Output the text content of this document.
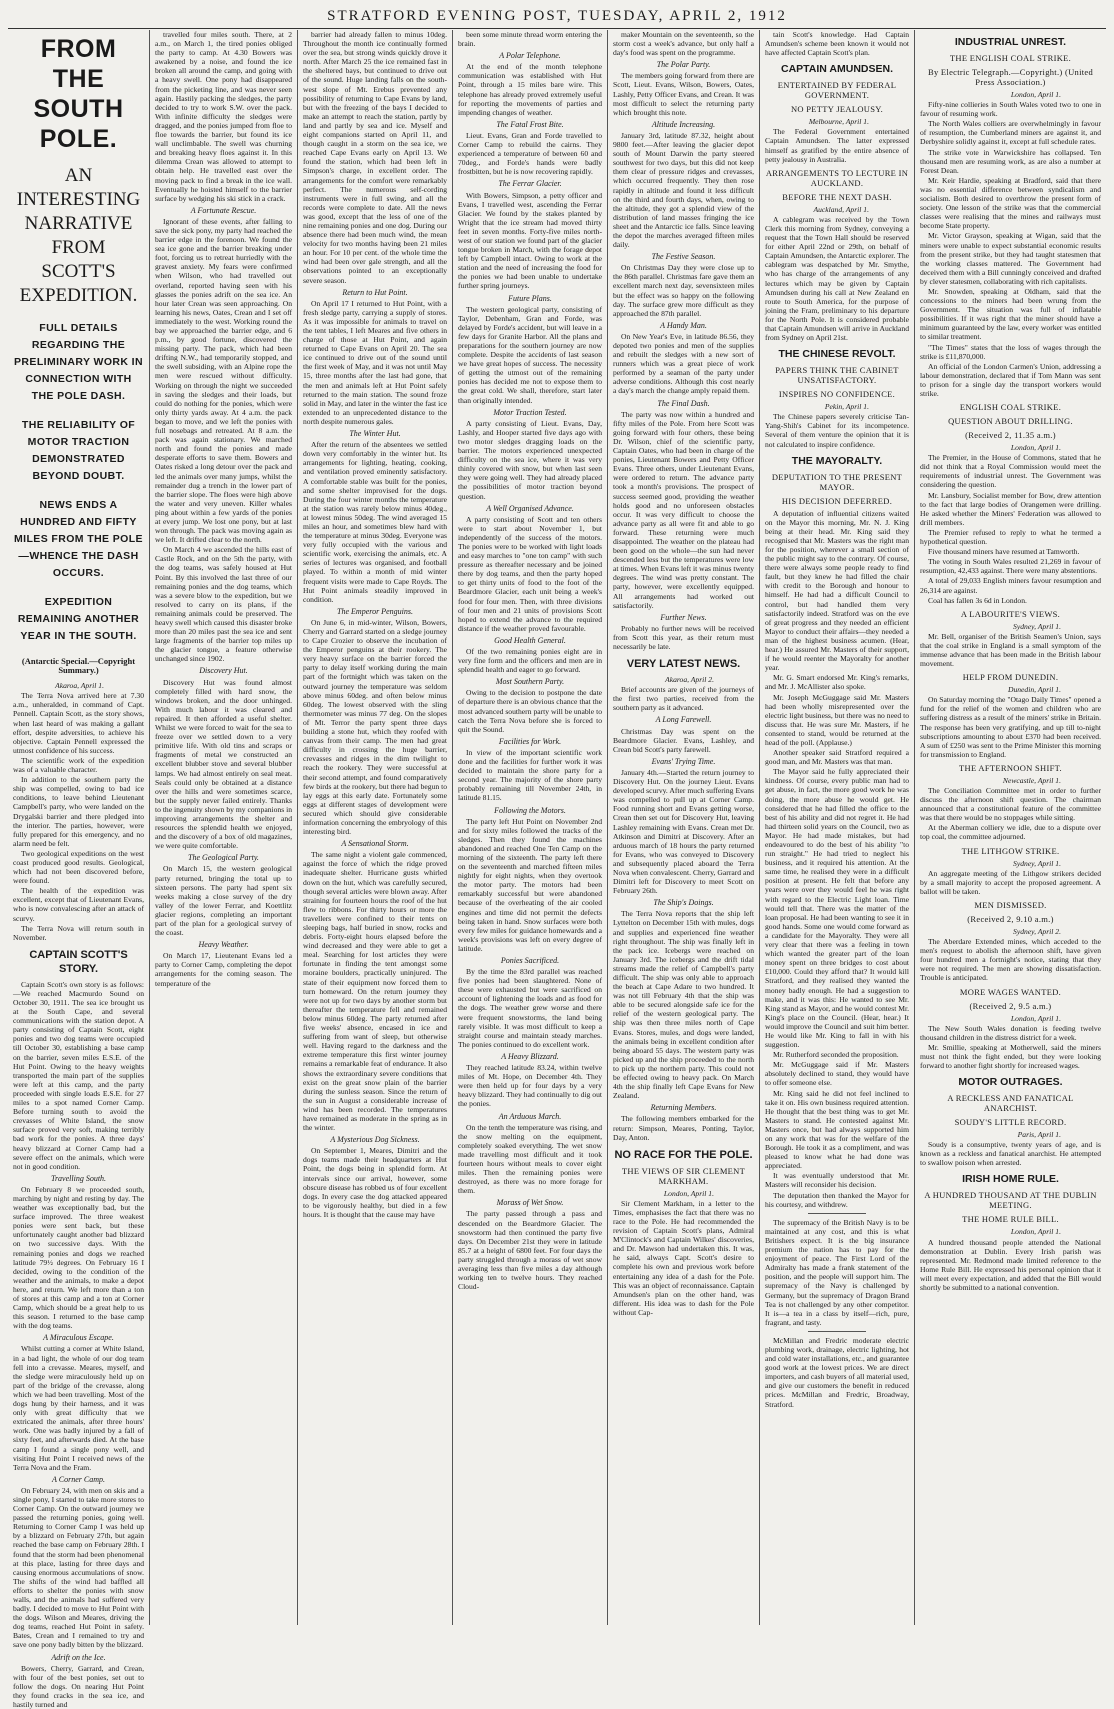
STRATFORD EVENING POST, TUESDAY, APRIL 2, 1912
FROM THE SOUTH POLE.
AN INTERESTING NARRATIVE FROM SCOTT'S EXPEDITION.
FULL DETAILS REGARDING THE PRELIMINARY WORK IN CONNECTION WITH THE POLE DASH.
THE RELIABILITY OF MOTOR TRACTION DEMONSTRATED BEYOND DOUBT.
NEWS ENDS A HUNDRED AND FIFTY MILES FROM THE POLE—WHENCE THE DASH OCCURS.
EXPEDITION REMAINING ANOTHER YEAR IN THE SOUTH.
(Antarctic Special.—Copyright Summary.)

Akaroa, April 1.

The Terra Nova arrived here at 7.30 a.m., unheralded, in command of Capt. Pennell. Captain Scott, as the story shows, when last heard of was making a gallant effort, despite adversities, to achieve his objective. Captain Pennell expressed the utmost confidence of his success.

The scientific work of the expedition was of a valuable character.

In addition to the southern party the ship was compelled, owing to bad ice conditions, to leave behind Lieutenant Campbell's party, who were landed on the Drygalski barrier and there pledged into the interior. The parties, however, were fully prepared for this emergency, and no alarm need be felt.

Two geological expeditions on the west coast produced good results. Geological, which had not been discovered before, were found.

The health of the expedition was excellent, except that of Lieutenant Evans, who is now convalescing after an attack of scurvy.

The Terra Nova will return south in November.

CAPTAIN SCOTT'S STORY.

Captain Scott's own story is as follows:—We reached Macmurdo Sound on October 30, 1911. The sea ice brought us at the South Cape, and several communications with the station depot. A party consisting of Captain Scott, eight ponies and two dog teams were occupied till October 30, establishing a base camp on the barrier, seven miles E.S.E. of the Hut Point. Owing to the heavy weights transported the main part of the supplies were left at this camp, and the party proceeded with single loads E.S.E. for 27 miles to a spot named Corner Camp. Before turning south to avoid the crevasses of White Island, the snow surface proved very soft, making terribly bad work for the ponies. A three days' heavy blizzard at Corner Camp had a severe effect on the animals, which were not in good condition.

Travelling South.

On February 8 we proceeded south, marching by night and resting by day. The weather was exceptionally bad, but the surface improved. The three weakest ponies were sent back, but these unfortunately caught another bad blizzard on two successive days. With the remaining ponies and dogs we reached latitude 79½ degrees. On February 16 I decided, owing to the condition of the weather and the animals, to make a depot here, and return. We left more than a ton of stores at this camp and a ton at Corner Camp, which should be a great help to us this season. I returned to the base camp with the dog teams.

A Miraculous Escape.

Whilst cutting a corner at White Island, in a bad light, the whole of our dog team fell into a crevasse. Meares, myself, and the sledge were miraculously held up on part of the bridge of the crevasse, along which we had been travelling. Most of the dogs hung by their harness, and it was only with great difficulty that we extricated the animals, after three hours' work. One was badly injured by a fall of sixty feet, and afterwards died. At the base camp I found a single pony well, and visiting Hut Point I received news of the Terra Nova and the Fram.

A Corner Camp.

On February 24, with men on skis and a single pony, I started to take more stores to Corner Camp. On the outward journey we passed the returning ponies, going well. Returning to Corner Camp I was held up by a blizzard on February 27th, but again reached the base camp on February 28th. I found that the storm had been phenomenal at this place, lasting for three days and causing enormous accumulations of snow. The shifts of the wind had baffled all efforts to shelter the ponies with snow walls, and the animals had suffered very badly. I decided to move to Hut Point with the dogs. Wilson and Meares, driving the dog teams, reached Hut Point in safety. Bates, Crean and I remained to try and save one pony badly bitten by the blizzard.

Adrift on the Ice.

Bowers, Cherry, Garrard, and Crean, with four of the best ponies, set out to follow the dogs. On nearing Hut Point they found cracks in the sea ice, and hastily turned and

travelled four miles south. There, at 2 a.m., on March 1, the tired ponies obliged the party to camp. At 4.30 Bowers was awakened by a noise, and found the ice broken all around the camp, and going with a heavy swell. One pony had disappeared from the picketing line, and was never seen again. Hastily packing the sledges, the party decided to try to work S.W. over the pack. With infinite difficulty the sledges were dragged, and the ponies jumped from floe to floe towards the barrier, but found its ice wall unclimbable. The swell was churning and breaking heavy floes against it. In this dilemma Crean was allowed to attempt to obtain help. He travelled east over the moving pack to find a break in the ice wall. Eventually he hoisted himself to the barrier surface by wedging his ski stick in a crack.

A Fortunate Rescue.

Ignorant of these events, after falling to save the sick pony, my party had reached the barrier edge in the forenoon. We found the sea ice gone and the barrier breaking under foot, forcing us to retreat hurriedly with the gravest anxiety. My fears were confirmed when Wilson, who had travelled out overland, reported having seen with his glasses the ponies adrift on the sea ice. An hour later Crean was seen approaching. On learning his news, Oates, Crean and I set off immediately to the west. Working round the bay we approached the barrier edge, and 6 p.m., by good fortune, discovered the missing party. The pack, which had been drifting N.W., had temporarily stopped, and the swell subsiding, with an Alpine rope the men were rescued without difficulty. Working on through the night we succeeded in saving the sledges and their loads, but could do nothing for the ponies, which were only thirty yards away. At 4 a.m. the pack began to move, and we left the ponies with full nosebags and retreated. At 8 a.m. the pack was again stationary. We marched north and found the ponies and made desperate efforts to save them. Bowers and Oates risked a long detour over the pack and led the animals over many jumps, whilst the remainder dug a trench in the lower part of the barrier slope. The floes were high above the water and very uneven. Killer whales ping about within a few yards of the ponies at every jump. We lost one pony, but at last won through. The pack was moving again as we left. It drifted clear to the north.

On March 4 we ascended the hills east of Castle Rock, and on the 5th the party, with the dog teams, was safely housed at Hut Point. By this involved the last three of our remaining ponies and the dog teams, which was a severe blow to the expedition, but we resolved to carry on its plans, if the remaining animals could be preserved. The heavy swell which caused this disaster broke more than 20 miles past the sea ice and sent large fragments of the barrier top miles up the glacier tongue, a feature otherwise unchanged since 1902.

Discovery Hut.

Discovery Hut was found almost completely filled with hard snow, the windows broken, and the door unhinged. With much labour it was cleared and repaired. It then afforded a useful shelter. Whilst we were forced to wait for the sea to freeze over we settled down to a very primitive life. With old tins and scraps or fragments of metal we constructed an excellent blubber stove and several blubber lamps. We had almost entirely on seal meat. Seals could only be obtained at a distance over the hills and were sometimes scarce, but the supply never failed entirely. Thanks to the ingenuity shown by my companions in improving arrangements the shelter and resources the splendid health we enjoyed, and the discovery of a box of old magazines, we were quite comfortable.

The Geological Party.

On March 15, the western geological party returned, bringing the total up to sixteen persons. The party had spent six weeks making a close survey of the dry valley of the lower Ferrar, and Koettlitz glacier regions, completing an important part of the plan for a geological survey of the coast.

Heavy Weather.

On March 17, Lieutenant Evans led a party to Corner Camp, completing the depot arrangements for the coming season. The temperature of the

barrier had already fallen to minus 10deg. Throughout the month ice continually formed over the sea, but strong winds quickly drove it north. After March 25 the ice remained fast in the sheltered bays, but continued to drive out of the sound. Huge landing falls on the south-west slope of Mt. Erebus prevented any possibility of returning to Cape Evans by land, but with the freezing of the bays I decided to make an attempt to reach the station, partly by land and partly by sea and ice. Myself and eight companions started on April 11, and though caught in a storm on the sea ice, we reached Cape Evans early on April 13. We found the station, which had been left in Simpson's charge, in excellent order. The arrangements for the comfort were remarkably perfect. The numerous self-cording instruments were in full swing, and all the records were complete to date. All the news was good, except that the less of one of the nine remaining ponies and one dog. During our absence there had been much wind, the mean velocity for two months having been 21 miles an hour. For 10 per cent. of the whole time the wind had been over gale strength, and all the observations pointed to an exceptionally severe season.

Return to Hut Point.

On April 17 I returned to Hut Point, with a fresh sledge party, carrying a supply of stores. As it was impossible for animals to travel on the tent tables, I left Meares and five others in charge of those at Hut Point, and again returned to Cape Evans on April 20. The sea ice continued to drive out of the sound until the first week of May, and it was not until May 15, three months after the last had gone, that the men and animals left at Hut Point safely returned to the main station. The sound froze solid in May, and later in the winter the fast ice extended to an unprecedented distance to the north despite numerous gales.

The Winter Hut.

After the return of the absentees we settled down very comfortably in the winter hut. Its arrangements for lighting, heating, cooking, and ventilation proved eminently satisfactory. A comfortable stable was built for the ponies, and some shelter improvised for the dogs. During the four winter months the temperature at the station was rarely below minus 40deg., at lowest minus 50deg. The wind averaged 15 miles an hour, and sometimes blew hard with the temperature at minus 30deg. Everyone was very fully occupied with the various and scientific work, exercising the animals, etc. A series of lectures was organised, and football played. To within a month of mid winter frequent visits were made to Cape Royds. The Hut Point animals steadily improved in condition.

The Emperor Penguins.

On June 6, in mid-winter, Wilson, Bowers, Cherry and Garrard started on a sledge journey to Cape Crozier to observe the incubation of the Emperor penguins at their rookery. The very heavy surface on the barrier forced the party to delay itself working during the main part of the fortnight which was taken on the outward journey the temperature was seldom above minus 60deg. and often below minus 60deg. The lowest observed with the sling thermometer was minus 77 deg. On the slopes of Mt. Terror the party spent three days building a stone hut, which they roofed with canvas from their camp. The men had great difficulty in crossing the huge barrier, crevasses and ridges in the dim twilight to reach the rookery. They were successful at their second attempt, and found comparatively few birds at the rookery, but there had begun to lay eggs at this early date. Fortunately some eggs at different stages of development were secured which should give considerable information concerning the embryology of this interesting bird.

A Sensational Storm.

The same night a violent gale commenced, against the force of which the ridge proved inadequate shelter. Hurricane gusts whirled down on the hut, which was carefully secured, though several articles were blown away. After straining for fourteen hours the roof of the hut flew to ribbons. For thirty hours or more the travellers were confined to their tents on sleeping bags, half buried in snow, rocks and debris. Forty-eight hours elapsed before the wind decreased and they were able to get a meal. Searching for lost articles they were fortunate in finding the tent amongst some moraine boulders, practically uninjured. The state of their equipment now forced them to turn homeward. On the return journey they were not up for two days by another storm but thereafter the temperature fell and remained below minus 60deg. The party returned after five weeks' absence, encased in ice and suffering from want of sleep, but otherwise well. Having regard to the darkness and the extreme temperature this first winter journey remains a remarkable feat of endurance. It also shows the extraordinary severe conditions that exist on the great snow plain of the barrier during the sunless season. Since the return of the sun in August a considerable increase of wind has been recorded. The temperatures have remained as moderate in the spring as in the winter.

A Mysterious Dog Sickness.

On September 1, Meares, Dimitri and the dogs teams made their headquarters at Hut Point, the dogs being in splendid form. At intervals since our arrival, however, some obscure disease has robbed us of four excellent dogs. In every case the dog attacked appeared to be vigorously healthy, but died in a few hours. It is thought that the cause may have

been some minute thread worm entering the brain.

A Polar Telephone.

At the end of the month telephone communication was established with Hut Point, through a 15 miles bare wire. This telephone has already proved extremely useful for reporting the movements of parties and impending changes of weather.

The Fatal Frost Bite.

Lieut. Evans, Gran and Forde travelled to Corner Camp to rebuild the cairns. They experienced a temperature of between 60 and 70deg., and Forde's hands were badly frostbitten, but he is now recovering rapidly.

The Ferrar Glacier.

With Bowers, Simpson, a petty officer and Evans, I travelled west, ascending the Ferrar Glacier. We found by the stakes planted by Wright that the ice stream had moved thirty feet in seven months. Forty-five miles north-west of our station we found part of the glacier tongue broken in March, with the forage depot left by Campbell intact. Owing to work at the station and the need of increasing the food for the ponies we had been unable to undertake further spring journeys.

Future Plans.

The western geological party, consisting of Taylor, Debenham, Gran and Forde, was delayed by Forde's accident, but will leave in a few days for Granite Harbor. All the plans and preparations for the southern journey are now complete. Despite the accidents of last season we have great hopes of success. The necessity of getting the utmost out of the remaining ponies has decided me not to expose them to the great cold. We shall, therefore, start later than originally intended.

Motor Traction Tested.

A party consisting of Lieut. Evans, Day, Lashly, and Hooper started five days ago with two motor sledges dragging loads on the barrier. The motors experienced unexpected difficulty on the sea ice, where it was very thinly covered with snow, but when last seen they were going well. They had already placed the possibilities of motor traction beyond question.

A Well Organised Advance.

A party consisting of Scott and ten others were to start about November 1, but independently of the success of the motors. The ponies were to be worked with light loads and easy marches to "one ton camp" with such pressure as thereafter necessary and be joined there by dog teams, and then the party hoped to get thirty units of food to the foot of the Beardmore Glacier, each unit being a week's food for four men. Then, with three divisions of four men and 21 units of provisions Scott hoped to extend the advance to the required distance if the weather proved favourable.

Good Health General.

Of the two remaining ponies eight are in very fine form and the officers and men are in splendid health and eager to go forward.

Most Southern Party.

Owing to the decision to postpone the date of departure there is an obvious chance that the most advanced southern party will be unable to catch the Terra Nova before she is forced to quit the Sound.

Facilities for Work.

In view of the important scientific work done and the facilities for further work it was decided to maintain the shore party for a second year. The majority of the shore party probably remaining till November 24th, in latitude 81.15.

Following the Motors.

The party left Hut Point on November 2nd and for sixty miles followed the tracks of the sledges. Then they found the machines abandoned and reached One Ten Camp on the morning of the sixteenth. The party left there on the seventeenth and marched fifteen miles nightly for eight nights, when they overtook the motor party. The motors had been remarkably successful but were abandoned because of the overheating of the air cooled engines and time did not permit the defects being taken in hand. Snow surfaces were both every few miles for guidance homewards and a week's provisions was left on every degree of latitude.

Ponies Sacrificed.

By the time the 83rd parallel was reached five ponies had been slaughtered. None of these were exhausted but were sacrificed on account of lightening the loads and as food for the dogs. The weather grew worse and there were frequent snowstorms, the land being rarely visible. It was most difficult to keep a straight course and maintain steady marches. The ponies continued to do excellent work.

A Heavy Blizzard.

They reached latitude 83.24, within twelve miles of Mt. Hope, on December 4th. They were then held up for four days by a very heavy blizzard. They had continually to dig out the ponies.

An Arduous March.

On the tenth the temperature was rising, and the snow melting on the equipment, completely soaked everything. The wet snow made travelling most difficult and it took fourteen hours without meals to cover eight miles. Then the remaining ponies were destroyed, as there was no more forage for them.

Morass of Wet Snow.

The party passed through a pass and descended on the Beardmore Glacier. The snowstorm had then continued the party five days. On December 21st they were in latitude 85.7 at a height of 6800 feet. For four days the party struggled through a morass of wet snow averaging less than five miles a day although working ten to twelve hours. They reached Cloud-

maker Mountain on the seventeenth, so the storm cost a week's advance, but only half a day's food was spent on the programme.

The Polar Party.

The members going forward from there are Scott, Lieut. Evans, Wilson, Bowers, Oates, Lashly, Petty Officer Evans, and Crean. It was most difficult to select the returning party which brought this note.

Altitude Increasing.

January 3rd, latitude 87.32, height about 9800 feet.—After leaving the glacier depot south of Mount Darwin the party steered southwest for two days, but this did not keep them clear of pressure ridges and crevasses, which occurred frequently. They then rose rapidly in altitude and found it less difficult on the third and fourth days, when, owing to the altitude, they got a splendid view of the distribution of land masses fringing the ice sheet and the Antarctic ice falls. Since leaving the depot the marches averaged fifteen miles daily.

The Festive Season.

On Christmas Day they were close up to the 86th parallel. Christmas fare gave them an excellent march next day, sevensixteen miles but the effect was so happy on the following day. The surface grew more difficult as they approached the 87th parallel.

A Handy Man.

On New Year's Eve, in latitude 86.56, they depoted two ponies and men of the supplies and rebuilt the sledges with a new sort of runners which was a great piece of work performed by a seaman of the party under adverse conditions. Although this cost nearly a day's march the change amply repaid them.

The Final Dash.

The party was now within a hundred and fifty miles of the Pole. From here Scott was going forward with four others, these being Dr. Wilson, chief of the scientific party, Captain Oates, who had been in charge of the ponies, Lieutenant Bowers and Petty Officer Evans. Three others, under Lieutenant Evans, were ordered to return. The advance party took a month's provisions. The prospect of success seemed good, providing the weather holds good and no unforeseen obstacles occur. It was very difficult to choose the advance party as all were fit and able to go forward. These returning were much disappointed. The weather on the plateau had been good on the whole—the sun had never descended less but the temperatures were low at times. When Evans left it was minus twenty degrees. The wind was pretty constant. The party, however, were excellently equipped. All arrangements had worked out satisfactorily.

Further News.

Probably no further news will be received from Scott this year, as their return must necessarily be late.

VERY LATEST NEWS.

Akaroa, April 2.

Brief accounts are given of the journeys of the first two parties, received from the southern party as it advanced.

A Long Farewell.

Christmas Day was spent on the Beardmore Glacier. Evans, Lashley, and Crean bid Scott's party farewell.

Evans' Trying Time.

January 4th.—Started the return journey to Discovery Hut. On the journey Lieut. Evans developed scurvy. After much suffering Evans was compelled to pull up at Corner Camp. Food running short and Evans getting worse, Crean then set out for Discovery Hut, leaving Lashley remaining with Evans. Crean met Dr. Atkinson and Dimitri at Discovery. After an arduous march of 18 hours the party returned for Evans, who was conveyed to Discovery and subsequently placed aboard the Terra Nova when convalescent. Cherry, Garrard and Dimitri left for Discovery to meet Scott on February 26th.

The Ship's Doings.

The Terra Nova reports that the ship left Lyttelton on December 15th with mules, dogs and supplies and experienced fine weather right throughout. The ship was finally left in the pack ice. Icebergs were reached on January 3rd. The icebergs and the drift tidal streams made the relief of Campbell's party difficult. The ship was only able to approach the beach at Cape Adare to two hundred. It was not till February 4th that the ship was able to be secured alongside safe ice for the relief of the western geological party. The ship was then three miles north of Cape Evans. Stores, mules, and dogs were landed, the animals being in excellent condition after being aboard 55 days. The western party was picked up and the ship proceeded to the north to pick up the northern party. This could not be effected owing to heavy pack. On March 4th the ship finally left Cape Evans for New Zealand.

Returning Members.

The following members embarked for the return: Simpson, Meares, Ponting, Taylor, Day, Anton.

NO RACE FOR THE POLE.
THE VIEWS OF SIR CLEMENT MARKHAM.

London, April 1.

Sir Clement Markham, in a letter to the Times, emphasises the fact that there was no race to the Pole. He had recommended the revision of Captain Scott's plans, Admiral M'Clintock's and Captain Wilkes' discoveries, and Dr. Mawson had undertaken this. It was, he said, always Capt. Scott's desire to complete his own and previous work before entertaining any idea of a dash for the Pole. This was an object of reconnaissance. Captain Amundsen's plan on the other hand, was different. His idea was to dash for the Pole without Cap-

tain Scott's knowledge. Had Captain Amundsen's scheme been known it would not have affected Captain Scott's plan.

CAPTAIN AMUNDSEN.
ENTERTAINED BY FEDERAL GOVERNMENT.
NO PETTY JEALOUSY.

Melbourne, April 1.

The Federal Government entertained Captain Amundsen. The latter expressed himself as gratified by the entire absence of petty jealousy in Australia.

ARRANGEMENTS TO LECTURE IN AUCKLAND.
BEFORE THE NEXT DASH.

Auckland, April 1.

A cablegram was received by the Town Clerk this morning from Sydney, conveying a request that the Town Hall should be reserved for either April 22nd or 29th, on behalf of Captain Amundsen, the Antarctic explorer. The cablegram was despatched by Mr. Smythe, who has charge of the arrangements of any lectures which may be given by Captain Amundsen during his call at New Zealand en route to South America, for the purpose of joining the Fram, preliminary to his departure for the North Pole. It is considered probable that Captain Amundsen will arrive in Auckland from Sydney on April 21st.

THE CHINESE REVOLT.
PAPERS THINK THE CABINET UNSATISFACTORY.
INSPIRES NO CONFIDENCE.

Pekin, April 1.

The Chinese papers severely criticise Tan-Yang-Shih's Cabinet for its incompetence. Several of them venture the opinion that it is not calculated to inspire confidence.

THE MAYORALTY.
DEPUTATION TO THE PRESENT MAYOR.
HIS DECISION DEFERRED.

A deputation of influential citizens waited on the Mayor this morning, Mr. N. J. King being at their head. Mr. King said they recognised that Mr. Masters was the right man for the position, wherever a small section of the public might say to the contrary. Of course, there were always some people ready to find fault, but they knew he had filled the chair with credit to the Borough and honour to himself. He had had a difficult Council to control, but had handled them very satisfactorily indeed. Stratford was on the eve of great progress and they needed an efficient Mayor to conduct their affairs—they needed a man of the highest business acumen. (Hear, hear.) He assured Mr. Masters of their support, if he would reenter the Mayoralty for another year.

Mr. G. Smart endorsed Mr. King's remarks, and Mr. J. McAllister also spoke.

Mr. Joseph McGuggage said Mr. Masters had been wholly misrepresented over the electric light business, but there was no need to discuss that. He was sure Mr. Masters, if he consented to stand, would be returned at the head of the poll. (Applause.)

Another speaker said Stratford required a good man, and Mr. Masters was that man.

The Mayor said he fully appreciated their kindness. Of course, every public man had to get abuse, in fact, the more good work he was doing, the more abuse he would get. He considered that he had filled the office to the best of his ability and did not regret it. He had had thirteen solid years on the Council, two as Mayor. He had made mistakes, but had endeavoured to do the best of his ability "to run straight." He had tried to neglect his business, and it required his attention. At the same time, he realised they were in a difficult position at present. He felt that before any years were over they would feel he was right with regard to the Electric Light loan. Time would tell that. There was the matter of the loan proposal. He had been wanting to see it in good hands. Some one would come forward as a candidate for the Mayoralty. They were all very clear that there was a feeling in town which wanted the greater part of the loan money spent on three bridges to cost about £10,000. Could they afford that? It would kill Stratford, and they realised they wanted the money badly enough. He had a suggestion to make, and it was this: He wanted to see Mr. King stand as Mayor, and he would contest Mr. King's place on the Council. (Hear, hear.) It would improve the Council and suit him better. He would like Mr. King to fall in with his suggestion.

Mr. Rutherford seconded the proposition.

Mr. McGuggage said if Mr. Masters absolutely declined to stand, they would have to offer someone else.

Mr. King said he did not feel inclined to take it on. His own business required attention. He thought that the best thing was to get Mr. Masters to stand. He contested against Mr. Masters once, but had always supported him on any work that was for the welfare of the Borough. He took it as a compliment, and was pleased to know what he had done was appreciated.

It was eventually understood that Mr. Masters will reconsider his decision.

The deputation then thanked the Mayor for his courtesy, and withdrew.

The supremacy of the British Navy is to be maintained at any cost, and this is what Britishers expect. It is the big insurance premium the nation has to pay for the enjoyment of peace. The First Lord of the Admiralty has made a frank statement of the position, and the people will support him. The supremacy of the Navy is challenged by Germany, but the supremacy of Dragon Brand Tea is not challenged by any other competitor. It is—a tea in a class by itself—rich, pure, fragrant, and tasty.

McMillan and Fredric moderate electric plumbing work, drainage, electric lighting, hot and cold water installations, etc., and guarantee good work at the lowest prices. We are direct importers, and cash buyers of all material used, and give our customers the benefit in reduced prices. McMillan and Fredric, Broadway, Stratford.

INDUSTRIAL UNREST.
THE ENGLISH COAL STRIKE.
By Electric Telegraph.—Copyright.) (United Press Association.)

London, April 1.

Fifty-nine collieries in South Wales voted two to one in favour of resuming work.

The North Wales colliers are overwhelmingly in favour of resumption, the Cumberland miners are against it, and Derbyshire solidly against it, except at full schedule rates.

The strike vote in Warwickshire has collapsed. Ten thousand men are resuming work, as are also a number at Forest Dean.

Mr. Keir Hardie, speaking at Bradford, said that there was no essential difference between syndicalism and socialism. Both desired to overthrow the present form of society. One lesson of the strike was that the commercial classes were realising that the mines and railways must become State property.

Mr. Victor Grayson, speaking at Wigan, said that the miners were unable to expect substantial economic results from the present strike, but they had taught statesmen that the working classes mattered. The Government had deceived them with a Bill cunningly conceived and drafted by clever statesmen, collaborating with rich capitalists.

Mr. Snowden, speaking at Oldham, said that the concessions to the miners had been wrung from the Government. The situation was full of inflatable possibilities. If it was right that the miner should have a minimum guaranteed by the law, every worker was entitled to similar treatment.

"The Times" states that the loss of wages through the strike is £11,870,000.

An official of the London Carmen's Union, addressing a labour demonstration, declared that if Tom Mann was sent to prison for a single day the transport workers would strike.

ENGLISH COAL STRIKE.
QUESTION ABOUT DRILLING.
(Received 2, 11.35 a.m.)

London, April 1.

The Premier, in the House of Commons, stated that he did not think that a Royal Commission would meet the requirements of industrial unrest. The Government was considering the question.

Mr. Lansbury, Socialist member for Bow, drew attention to the fact that large bodies of Orangemen were drilling. He asked whether the Miners' Federation was allowed to drill members.

The Premier refused to reply to what he termed a hypothetical question.

Five thousand miners have resumed at Tamworth.

The voting in South Wales resulted 21,269 in favour of resumption, 42,433 against. There were many abstentions.

A total of 29,033 English miners favour resumption and 26,314 are against.

Coal has fallen 3s 6d in London.

A LABOURITE'S VIEWS.

Sydney, April 1.

Mr. Bell, organiser of the British Seamen's Union, says that the coal strike in England is a small symptom of the immense advance that has been made in the British labour movement.

HELP FROM DUNEDIN.

Dunedin, April 1.

On Saturday morning the "Otago Daily Times" opened a fund for the relief of the women and children who are suffering distress as a result of the miners' strike in Britain. The response has been very gratifying, and up till to-night subscriptions amounting to about £370 had been received. A sum of £250 was sent to the Prime Minister this morning for transmission to England.

THE AFTERNOON SHIFT.

Newcastle, April 1.

The Conciliation Committee met in order to further discuss the afternoon shift question. The chairman announced that a constitutional feature of the committee was that there would be no stoppages while sitting.

At the Aberman colliery we idle, due to a dispute over top coal, the committee adjourned.

THE LITHGOW STRIKE.

Sydney, April 1.

An aggregate meeting of the Lithgow strikers decided by a small majority to accept the proposed agreement. A ballot will be taken.

MEN DISMISSED.
(Received 2, 9.10 a.m.)

Sydney, April 2.

The Aberdare Extended mines, which acceded to the men's request to abolish the afternoon shift, have given four hundred men a fortnight's notice, stating that they were not required. The men are showing dissatisfaction. Trouble is anticipated.

MORE WAGES WANTED.
(Received 2, 9.5 a.m.)

London, April 1.

The New South Wales donation is feeding twelve thousand children in the distress district for a week.

Mr. Smillie, speaking at Motherwell, said the miners must not think the fight ended, but they were looking forward to another fight shortly for increased wages.

MOTOR OUTRAGES.
A RECKLESS AND FANATICAL ANARCHIST.
SOUDY'S LITTLE RECORD.

Paris, April 1.

Soudy is a consumptive, twenty years of age, and is known as a reckless and fanatical anarchist. He attempted to swallow poison when arrested.

IRISH HOME RULE.
A HUNDRED THOUSAND AT THE DUBLIN MEETING.
THE HOME RULE BILL.

London, April 1.

A hundred thousand people attended the National demonstration at Dublin. Every Irish parish was represented. Mr. Redmond made limited reference to the Home Rule Bill. He expressed his personal opinion that it will meet every expectation, and added that the Bill would shortly be submitted to a national convention.
